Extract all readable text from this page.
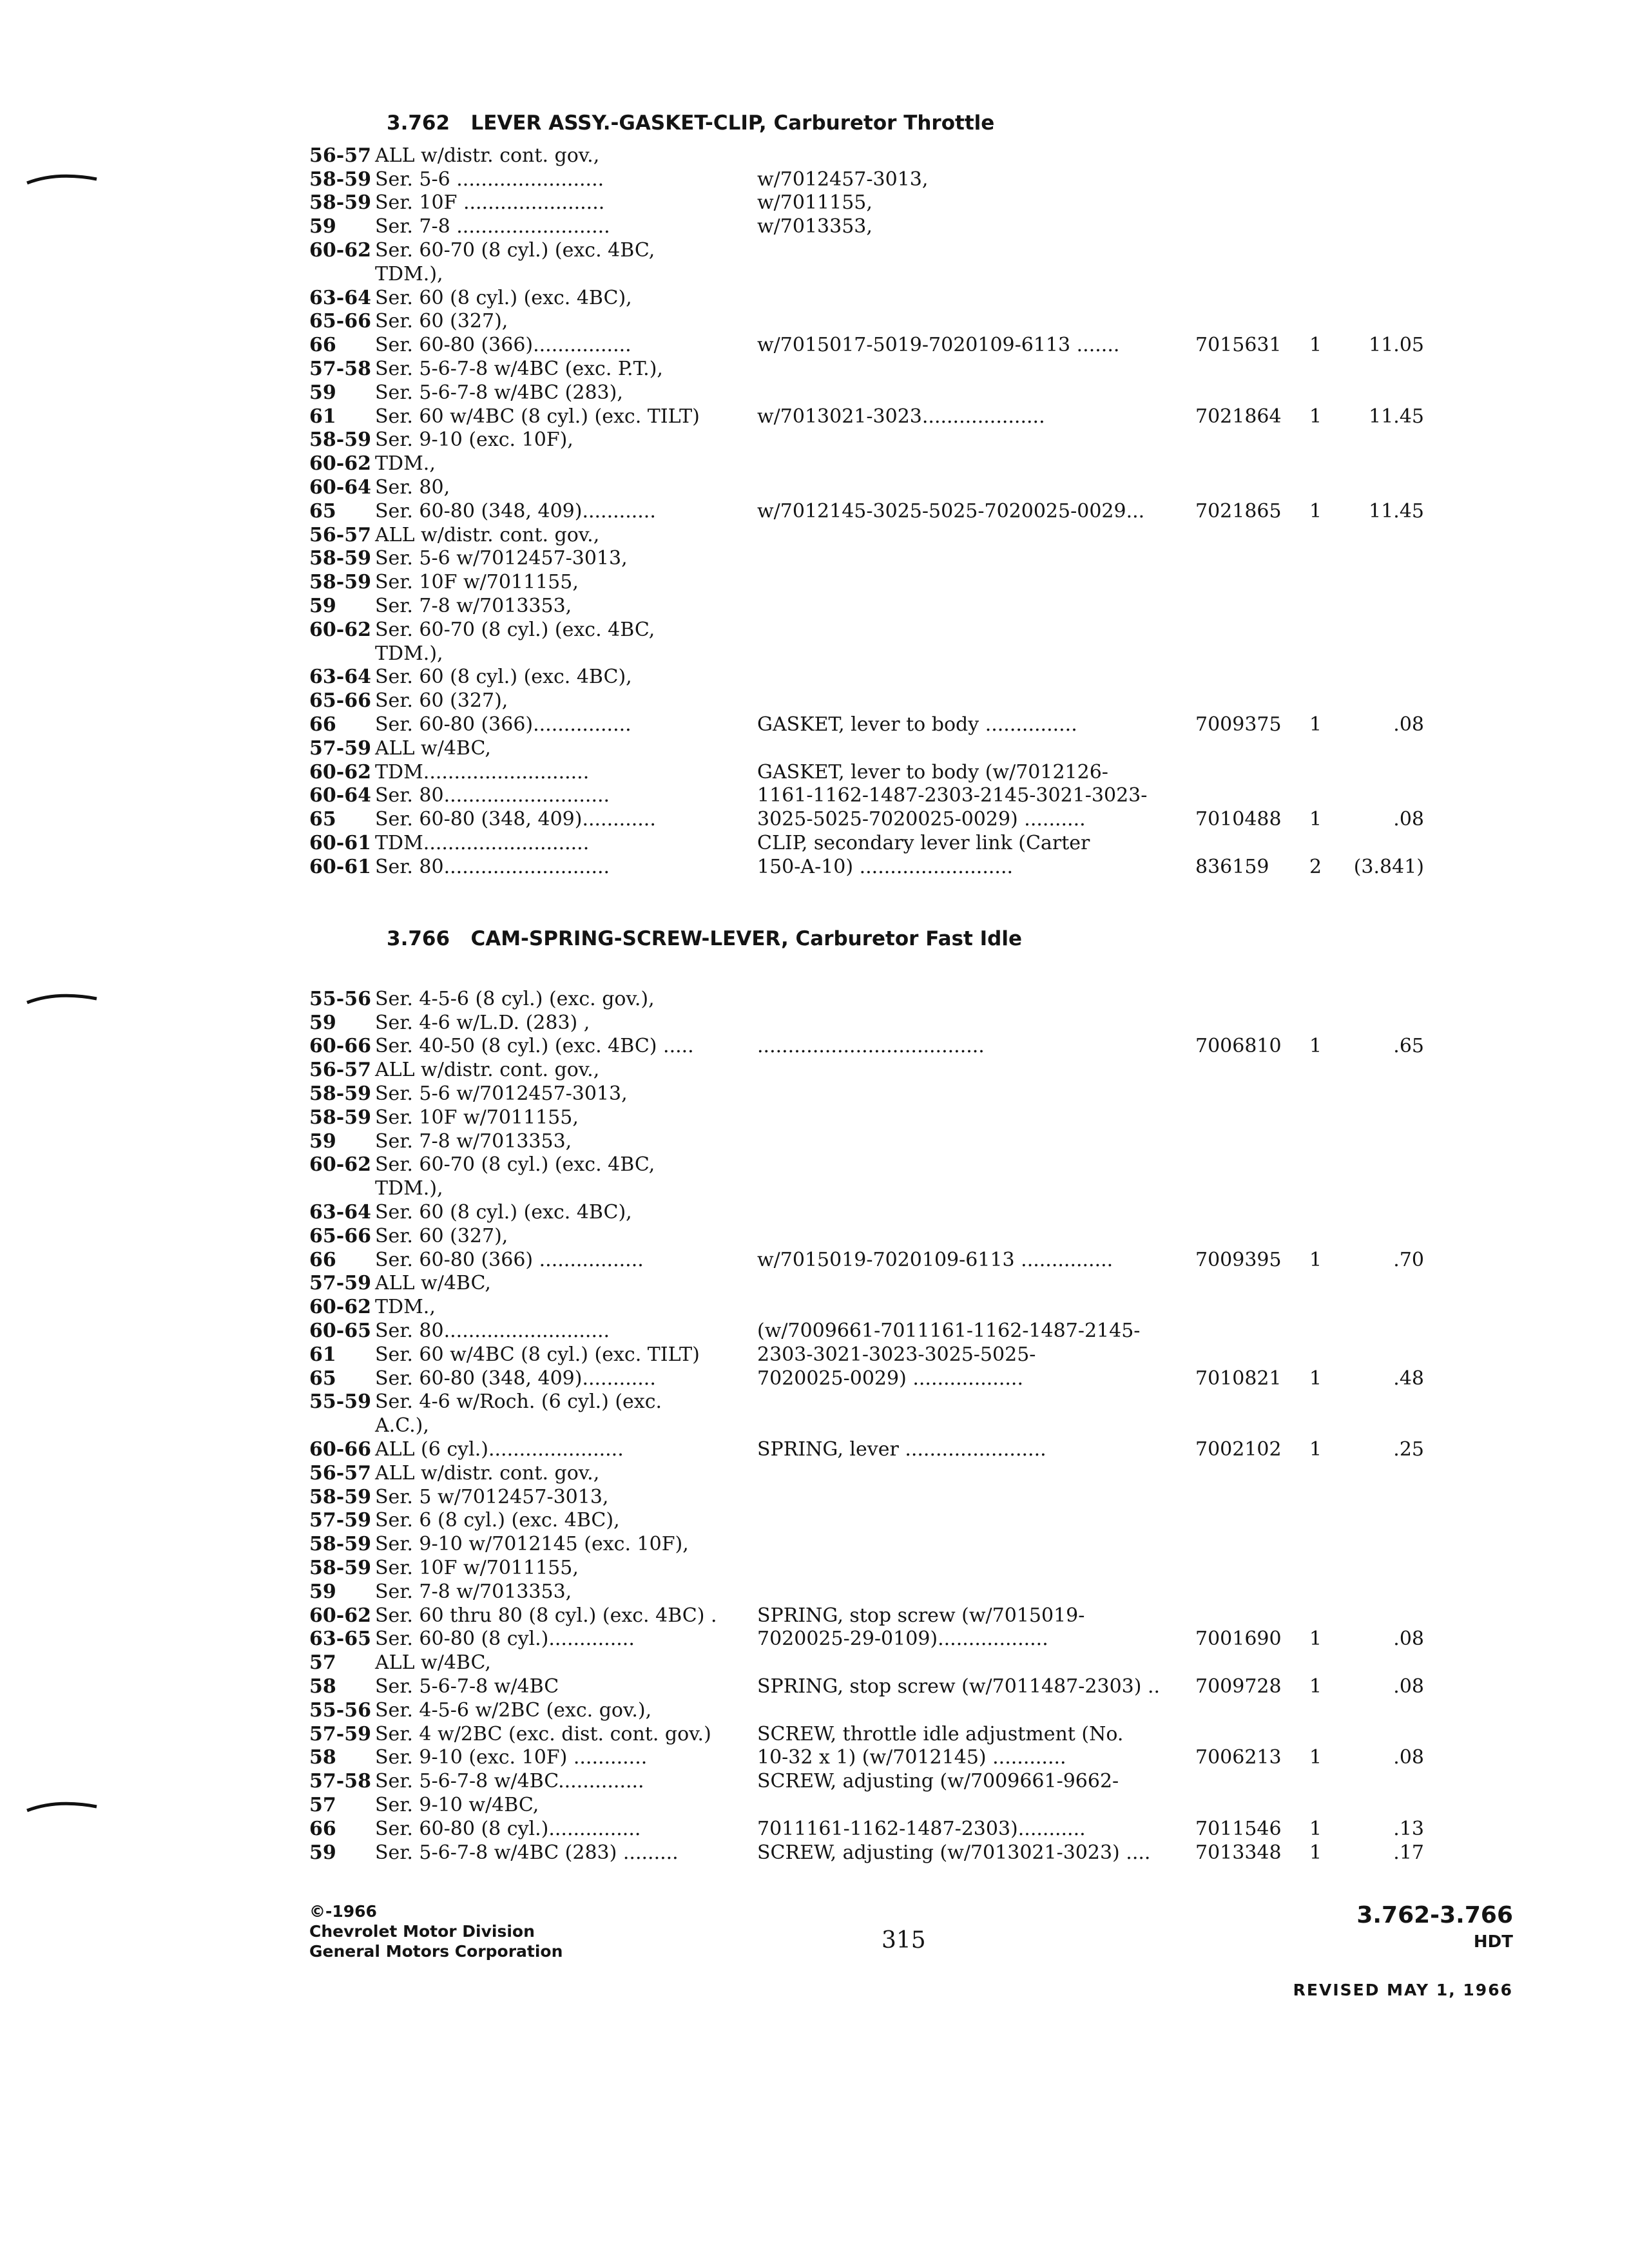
3.762 LEVER ASSY.-GASKET-CLIP, Carburetor Throttle
56-57 ALL w/distr. cont. gov.,
58-59 Ser. 5-6 ........................	w/7012457-3013,
58-59 Ser. 10F .......................	w/7011155,
59 Ser. 7-8 .........................	w/7013353,
60-62 Ser. 60-70 (8 cyl.) (exc. 4BC,
TDM.),
63-64 Ser. 60 (8 cyl.) (exc. 4BC),
65-66 Ser. 60 (327),
66 Ser. 60-80 (366)................	w/7015017-5019-7020109-6113 .......	7015631 1 11.05
57-58 Ser. 5-6-7-8 w/4BC (exc. P.T.),
59 Ser. 5-6-7-8 w/4BC (283),
61 Ser. 60 w/4BC (8 cyl.) (exc. TILT)	w/7013021-3023....................	7021864 1 11.45
58-59 Ser. 9-10 (exc. 10F),
60-62 TDM.,
60-64 Ser. 80,
65 Ser. 60-80 (348, 409)............	w/7012145-3025-5025-7020025-0029...	7021865 1 11.45
56-57 ALL w/distr. cont. gov.,
58-59 Ser. 5-6 w/7012457-3013,
58-59 Ser. 10F w/7011155,
59 Ser. 7-8 w/7013353,
60-62 Ser. 60-70 (8 cyl.) (exc. 4BC,
TDM.),
63-64 Ser. 60 (8 cyl.) (exc. 4BC),
65-66 Ser. 60 (327),
66 Ser. 60-80 (366)................	GASKET, lever to body ...............	7009375 1	.08
57-59 ALL w/4BC,
60-62 TDM...........................	GASKET, lever to body (w/7012126-
60-64 Ser. 80...........................	1161-1162-1487-2303-2145-3021-3023-
65 Ser. 60-80 (348, 409)............	3025-5025-7020025-0029) ..........	7010488 1	.08
60-61 TDM...........................	CLIP, secondary lever link (Carter
60-61 Ser. 80...........................	150-A-10) .........................	836159 2 (3.841)
3.766 CAM-SPRING-SCREW-LEVER, Carburetor Fast Idle
55-56 Ser. 4-5-6 (8 cyl.) (exc. gov.),
59 Ser. 4-6 w/L.D. (283) ,
60-66 Ser. 40-50 (8 cyl.) (exc. 4BC) .....	.....................................	7006810 1	.65
56-57 ALL w/distr. cont. gov.,
58-59 Ser. 5-6 w/7012457-3013,
58-59 Ser. 10F w/7011155,
59 Ser. 7-8 w/7013353,
60-62 Ser. 60-70 (8 cyl.) (exc. 4BC,
TDM.),
63-64 Ser. 60 (8 cyl.) (exc. 4BC),
65-66 Ser. 60 (327),
66 Ser. 60-80 (366) .................	w/7015019-7020109-6113 ...............	7009395 1	.70
57-59 ALL w/4BC,
60-62 TDM.,
60-65 Ser. 80...........................	(w/7009661-7011161-1162-1487-2145-
61 Ser. 60 w/4BC (8 cyl.) (exc. TILT)	2303-3021-3023-3025-5025-
65 Ser. 60-80 (348, 409)............	7020025-0029) ..................	7010821 1	.48
55-59 Ser. 4-6 w/Roch. (6 cyl.) (exc.
A.C.),
60-66 ALL (6 cyl.)......................	SPRING, lever .......................	7002102 1	.25
56-57 ALL w/distr. cont. gov.,
58-59 Ser. 5 w/7012457-3013,
57-59 Ser. 6 (8 cyl.) (exc. 4BC),
58-59 Ser. 9-10 w/7012145 (exc. 10F),
58-59 Ser. 10F w/7011155,
59 Ser. 7-8 w/7013353,
60-62 Ser. 60 thru 80 (8 cyl.) (exc. 4BC) . SPRING, stop screw (w/7015019-
63-65 Ser. 60-80 (8 cyl.)..............	7020025-29-0109)..................	7001690 1	.08
57 ALL w/4BC,
58 Ser. 5-6-7-8 w/4BC	SPRING, stop screw (w/7011487-2303) .. 7009728 1	.08
55-56 Ser. 4-5-6 w/2BC (exc. gov.),
57-59 Ser. 4 w/2BC (exc. dist. cont. gov.) SCREW, throttle idle adjustment (No.
58 Ser. 9-10 (exc. 10F) ............	10-32 x 1) (w/7012145) ............	7006213 1	.08
57-58 Ser. 5-6-7-8 w/4BC..............	SCREW, adjusting (w/7009661-9662-
57 Ser. 9-10 w/4BC,
66 Ser. 60-80 (8 cyl.)...............	7011161-1162-1487-2303)...........	7011546 1	.13
59 Ser. 5-6-7-8 w/4BC (283) .........	SCREW, adjusting (w/7013021-3023) .... 7013348 1	.17
©-1966
Chevrolet Motor Division
General Motors Corporation	315
3.762-3.766
HDT
REVISED MAY 1, 1966
